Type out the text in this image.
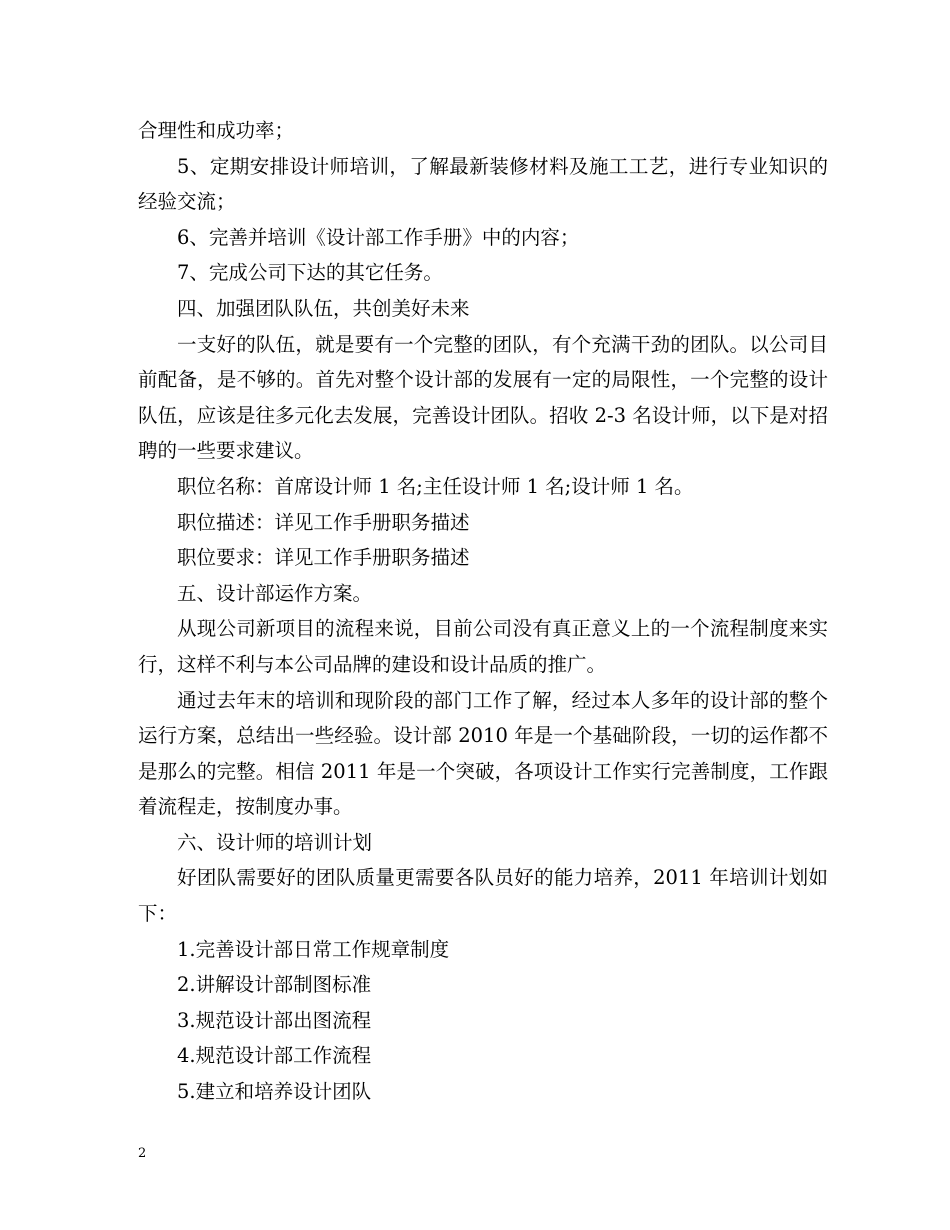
合理性和成功率；

5、定期安排设计师培训，了解最新装修材料及施工工艺，进行专业知识的经验交流；

6、完善并培训《设计部工作手册》中的内容；

7、完成公司下达的其它任务。

四、加强团队队伍，共创美好未来

一支好的队伍，就是要有一个完整的团队，有个充满干劲的团队。以公司目前配备，是不够的。首先对整个设计部的发展有一定的局限性，一个完整的设计队伍，应该是往多元化去发展，完善设计团队。招收 2-3 名设计师，以下是对招聘的一些要求建议。

职位名称：首席设计师 1 名;主任设计师 1 名;设计师 1 名。

职位描述：详见工作手册职务描述

职位要求：详见工作手册职务描述

五、设计部运作方案。

从现公司新项目的流程来说，目前公司没有真正意义上的一个流程制度来实行，这样不利与本公司品牌的建设和设计品质的推广。

通过去年末的培训和现阶段的部门工作了解，经过本人多年的设计部的整个运行方案，总结出一些经验。设计部 2010 年是一个基础阶段，一切的运作都不是那么的完整。相信 2011 年是一个突破，各项设计工作实行完善制度，工作跟着流程走，按制度办事。

六、设计师的培训计划

好团队需要好的团队质量更需要各队员好的能力培养，2011 年培训计划如下：

1.完善设计部日常工作规章制度

2.讲解设计部制图标准

3.规范设计部出图流程

4.规范设计部工作流程

5.建立和培养设计团队

2
